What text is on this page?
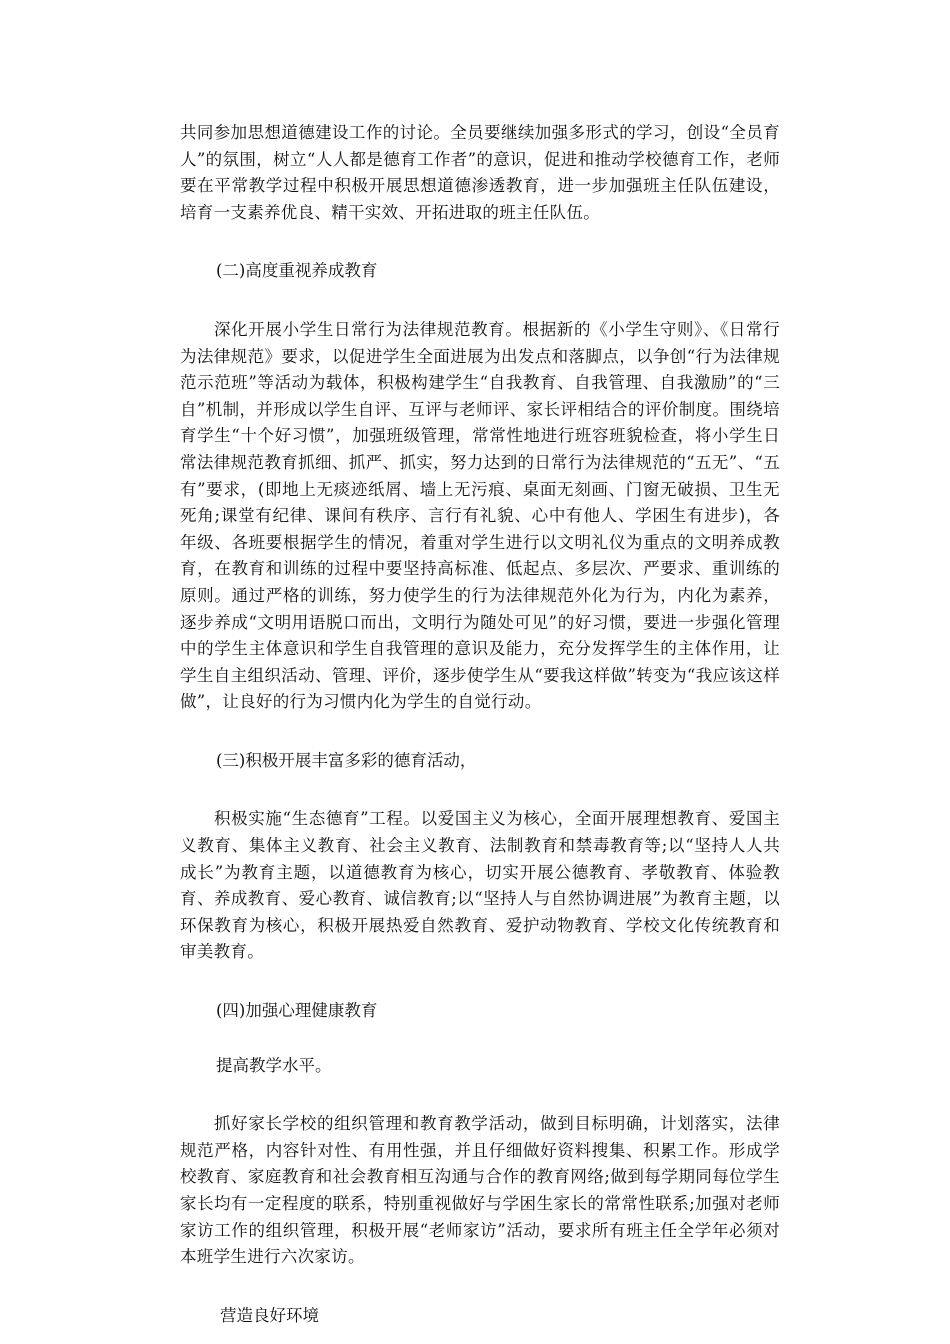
共同参加思想道德建设工作的讨论。全员要继续加强多形式的学习，创设“全员育人”的氛围，树立“人人都是德育工作者”的意识，促进和推动学校德育工作，老师要在平常教学过程中积极开展思想道德渗透教育，进一步加强班主任队伍建设，培育一支素养优良、精干实效、开拓进取的班主任队伍。

(二)高度重视养成教育

深化开展小学生日常行为法律规范教育。根据新的《小学生守则》、《日常行为法律规范》要求，以促进学生全面进展为出发点和落脚点，以争创“行为法律规范示范班”等活动为载体，积极构建学生“自我教育、自我管理、自我激励”的“三自”机制，并形成以学生自评、互评与老师评、家长评相结合的评价制度。围绕培育学生“十个好习惯”，加强班级管理，常常性地进行班容班貌检查，将小学生日常法律规范教育抓细、抓严、抓实，努力达到的日常行为法律规范的“五无”、“五有”要求，(即地上无痰迹纸屑、墙上无污痕、桌面无刻画、门窗无破损、卫生无死角;课堂有纪律、课间有秩序、言行有礼貌、心中有他人、学困生有进步)，各年级、各班要根据学生的情况，着重对学生进行以文明礼仪为重点的文明养成教育，在教育和训练的过程中要坚持高标准、低起点、多层次、严要求、重训练的原则。通过严格的训练，努力使学生的行为法律规范外化为行为，内化为素养，逐步养成“文明用语脱口而出，文明行为随处可见”的好习惯，要进一步强化管理中的学生主体意识和学生自我管理的意识及能力，充分发挥学生的主体作用，让学生自主组织活动、管理、评价，逐步使学生从“要我这样做”转变为“我应该这样做”，让良好的行为习惯内化为学生的自觉行动。

(三)积极开展丰富多彩的德育活动，

积极实施“生态德育”工程。以爱国主义为核心，全面开展理想教育、爱国主义教育、集体主义教育、社会主义教育、法制教育和禁毒教育等;以“坚持人人共成长”为教育主题，以道德教育为核心，切实开展公德教育、孝敬教育、体验教育、养成教育、爱心教育、诚信教育;以“坚持人与自然协调进展”为教育主题，以环保教育为核心，积极开展热爱自然教育、爱护动物教育、学校文化传统教育和审美教育。

(四)加强心理健康教育

提高教学水平。

抓好家长学校的组织管理和教育教学活动，做到目标明确，计划落实，法律规范严格，内容针对性、有用性强，并且仔细做好资料搜集、积累工作。形成学校教育、家庭教育和社会教育相互沟通与合作的教育网络;做到每学期同每位学生家长均有一定程度的联系，特别重视做好与学困生家长的常常性联系;加强对老师家访工作的组织管理，积极开展“老师家访”活动，要求所有班主任全学年必须对本班学生进行六次家访。

营造良好环境
